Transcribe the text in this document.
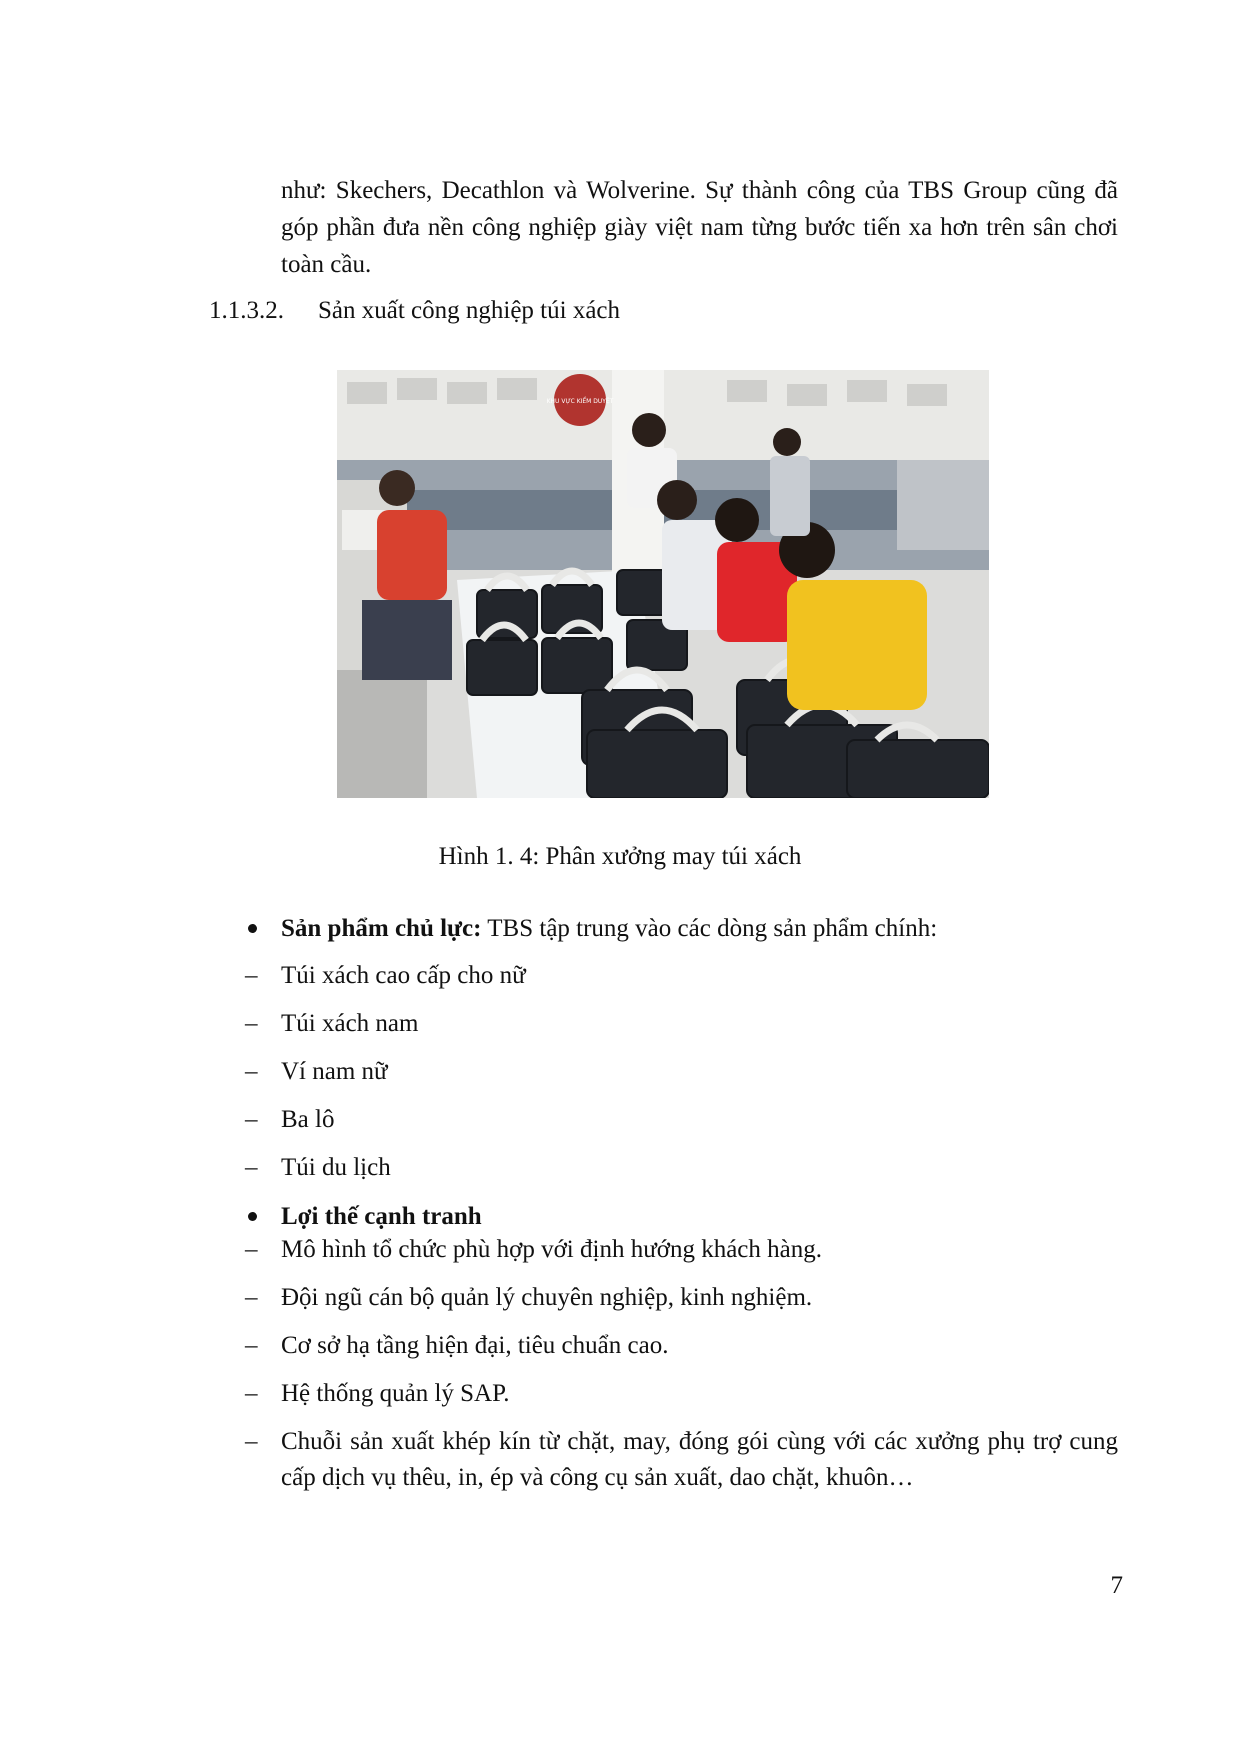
như: Skechers, Decathlon và Wolverine. Sự thành công của TBS Group cũng đã góp phần đưa nền công nghiệp giày việt nam từng bước tiến xa hơn trên sân chơi toàn cầu.

1.1.3.2. Sản xuất công nghiệp túi xách
KHU VỰC KIỂM DUYỆT
Hình 1. 4: Phân xưởng may túi xách
Sản phẩm chủ lực: TBS tập trung vào các dòng sản phẩm chính:
– Túi xách cao cấp cho nữ
– Túi xách nam
– Ví nam nữ
– Ba lô
– Túi du lịch
Lợi thế cạnh tranh
– Mô hình tổ chức phù hợp với định hướng khách hàng.
– Đội ngũ cán bộ quản lý chuyên nghiệp, kinh nghiệm.
– Cơ sở hạ tầng hiện đại, tiêu chuẩn cao.
– Hệ thống quản lý SAP.
– Chuỗi sản xuất khép kín từ chặt, may, đóng gói cùng với các xưởng phụ trợ cung cấp dịch vụ thêu, in, ép và công cụ sản xuất, dao chặt, khuôn…
7
